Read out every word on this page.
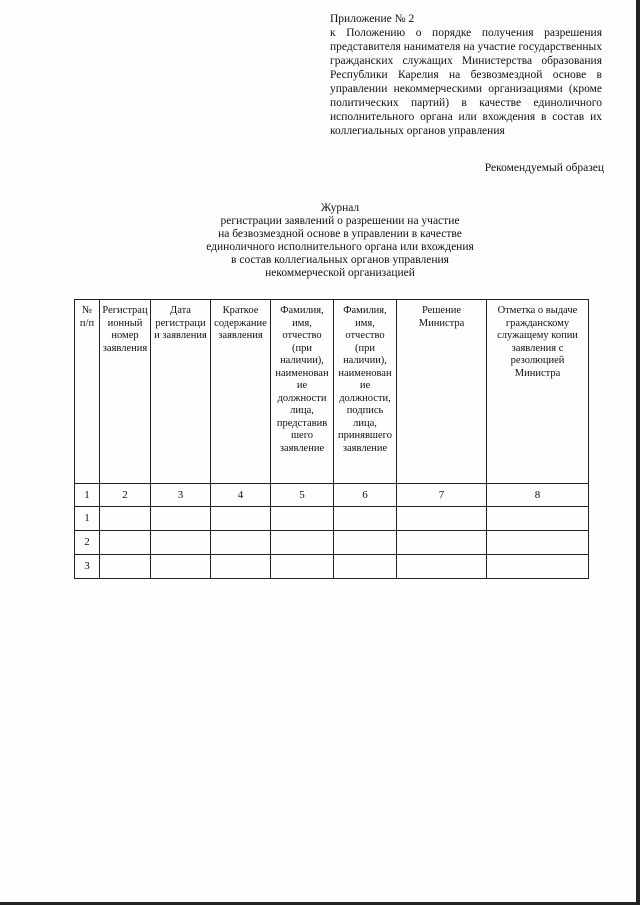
Приложение № 2
к Положению о порядке получения разрешения представителя нанимателя на участие государственных гражданских служащих Министерства образования Республики Карелия на безвозмездной основе в управлении некоммерческими организациями (кроме политических партий) в качестве единоличного исполнительного органа или вхождения в состав их коллегиальных органов управления
Рекомендуемый образец
Журнал
регистрации заявлений о разрешении на участие
на безвозмездной основе в управлении в качестве
единоличного исполнительного органа или вхождения
в состав коллегиальных органов управления
некоммерческой организацией
№ п/п	Регистрационный номер заявления	Дата регистрации заявления	Краткое содержание заявления	Фамилия, имя, отчество (при наличии), наименование должности лица, представившего заявление	Фамилия, имя, отчество (при наличии), наименование должности, подпись лица, принявшего заявление	Решение Министра	Отметка о выдаче гражданскому служащему копии заявления с резолюцией Министра

1	2	3	4	5	6	7	8
1							
2							
3							
